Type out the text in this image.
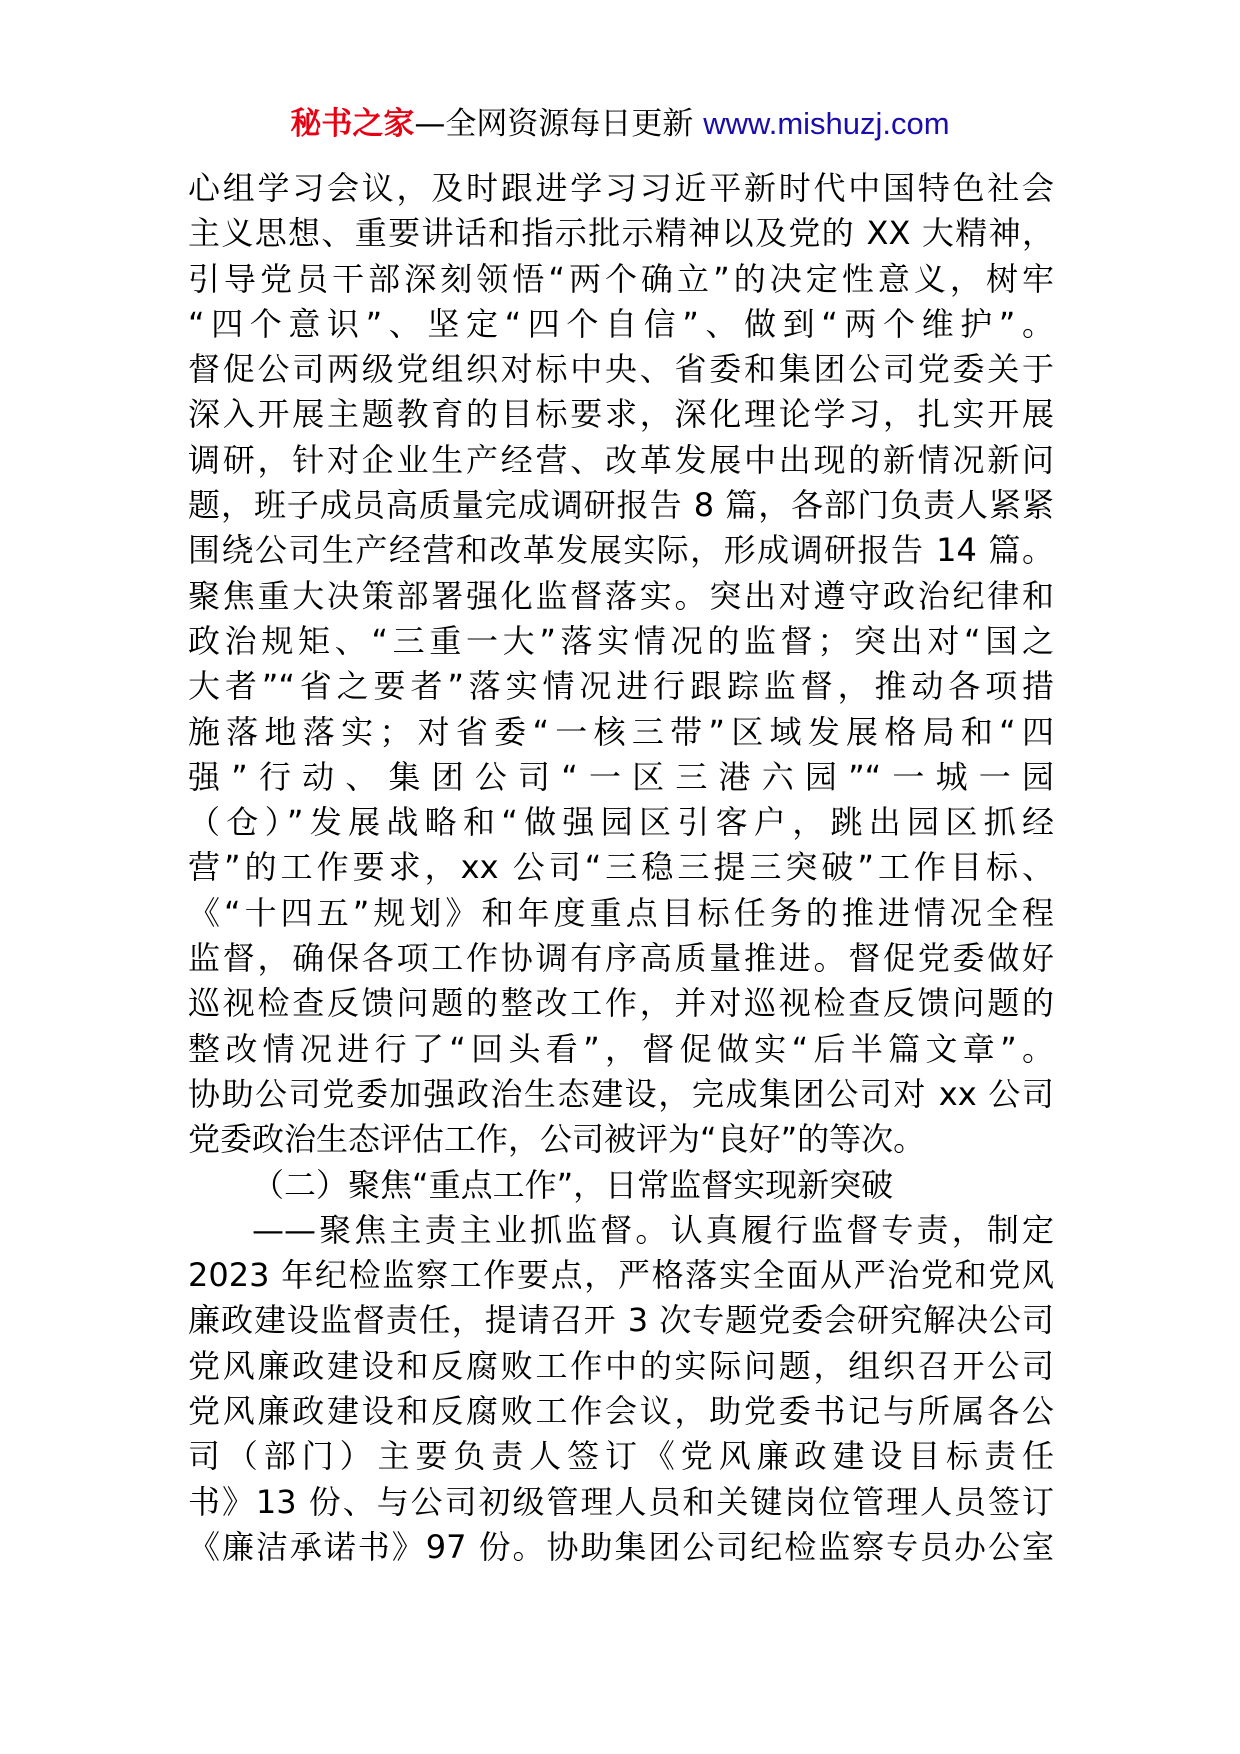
秘书之家—全网资源每日更新 www.mishuzj.com
心组学习会议，及时跟进学习习近平新时代中国特色社会
主义思想、重要讲话和指示批示精神以及党的 XX 大精神，
引导党员干部深刻领悟“两个确立”的决定性意义，树牢
“四个意识”、坚定“四个自信”、做到“两个维护”。
督促公司两级党组织对标中央、省委和集团公司党委关于
深入开展主题教育的目标要求，深化理论学习，扎实开展
调研，针对企业生产经营、改革发展中出现的新情况新问
题，班子成员高质量完成调研报告 8 篇，各部门负责人紧紧
围绕公司生产经营和改革发展实际，形成调研报告 14 篇。
聚焦重大决策部署强化监督落实。突出对遵守政治纪律和
政治规矩、“三重一大”落实情况的监督；突出对“国之
大者”“省之要者”落实情况进行跟踪监督，推动各项措
施落地落实；对省委“一核三带”区域发展格局和“四
强”行动、集团公司“一区三港六园”“一城一园
（仓）”发展战略和“做强园区引客户，跳出园区抓经
营”的工作要求，xx 公司“三稳三提三突破”工作目标、
《“十四五”规划》和年度重点目标任务的推进情况全程
监督，确保各项工作协调有序高质量推进。督促党委做好
巡视检查反馈问题的整改工作，并对巡视检查反馈问题的
整改情况进行了“回头看”，督促做实“后半篇文章”。
协助公司党委加强政治生态建设，完成集团公司对 xx 公司
党委政治生态评估工作，公司被评为“良好”的等次。
（二）聚焦“重点工作”，日常监督实现新突破
——聚焦主责主业抓监督。认真履行监督专责，制定
2023 年纪检监察工作要点，严格落实全面从严治党和党风
廉政建设监督责任，提请召开 3 次专题党委会研究解决公司
党风廉政建设和反腐败工作中的实际问题，组织召开公司
党风廉政建设和反腐败工作会议，助党委书记与所属各公
司（部门）主要负责人签订《党风廉政建设目标责任
书》13 份、与公司初级管理人员和关键岗位管理人员签订
《廉洁承诺书》97 份。协助集团公司纪检监察专员办公室
